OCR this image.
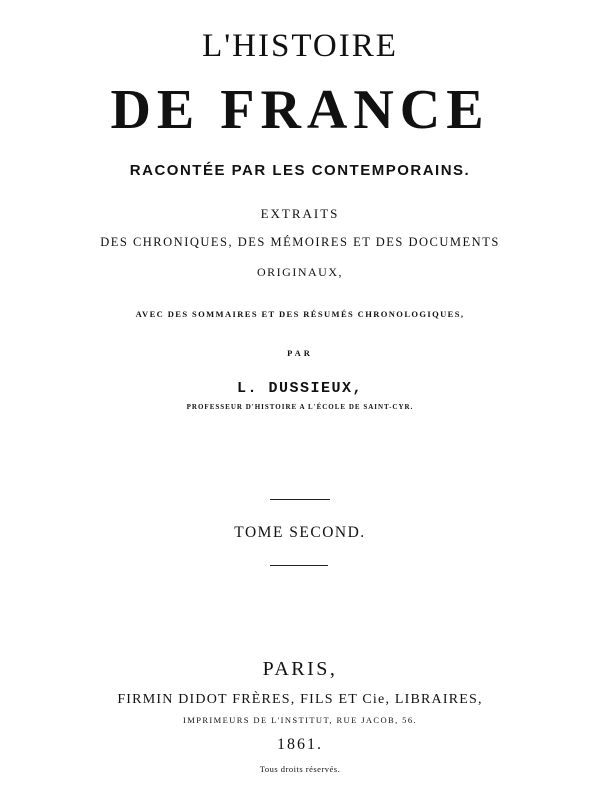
L'HISTOIRE
DE FRANCE
RACONTÉE PAR LES CONTEMPORAINS.
EXTRAITS
DES CHRONIQUES, DES MÉMOIRES ET DES DOCUMENTS
ORIGINAUX,
AVEC DES SOMMAIRES ET DES RÉSUMÉS CHRONOLOGIQUES,
PAR
L. DUSSIEUX,
PROFESSEUR D'HISTOIRE A L'ÉCOLE DE SAINT-CYR.
TOME SECOND.
PARIS,
FIRMIN DIDOT FRÈRES, FILS ET Cie, LIBRAIRES,
IMPRIMEURS DE L'INSTITUT, RUE JACOB, 56.
1861.
Tous droits réservés.
